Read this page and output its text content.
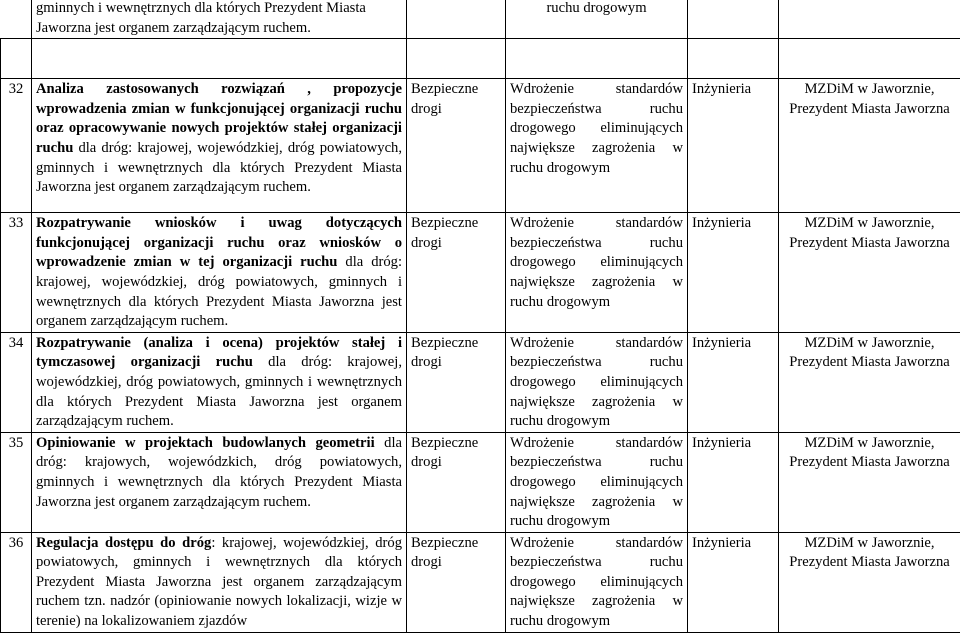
	gminnych i wewnętrznych dla których Prezydent Miasta Jaworzna jest organem zarządzającym ruchem.		ruchu drogowym		

32	Analiza zastosowanych rozwiązań , propozycje wprowadzenia zmian w funkcjonującej organizacji ruchu oraz opracowywanie nowych projektów stałej organizacji ruchu dla dróg: krajowej, wojewódzkiej, dróg powiatowych, gminnych i wewnętrznych dla których Prezydent Miasta Jaworzna jest organem zarządzającym ruchem.	Bezpieczne drogi	Wdrożenie standardów bezpieczeństwa ruchu drogowego eliminujących największe zagrożenia w ruchu drogowym	Inżynieria	MZDiM w Jaworznie, Prezydent Miasta Jaworzna
33	Rozpatrywanie wniosków i uwag dotyczących funkcjonującej organizacji ruchu oraz wniosków o wprowadzenie zmian w tej organizacji ruchu dla dróg: krajowej, wojewódzkiej, dróg powiatowych, gminnych i wewnętrznych dla których Prezydent Miasta Jaworzna jest organem zarządzającym ruchem.	Bezpieczne drogi	Wdrożenie standardów bezpieczeństwa ruchu drogowego eliminujących największe zagrożenia w ruchu drogowym	Inżynieria	MZDiM w Jaworznie, Prezydent Miasta Jaworzna
34	Rozpatrywanie (analiza i ocena) projektów stałej i tymczasowej organizacji ruchu dla dróg: krajowej, wojewódzkiej, dróg powiatowych, gminnych i wewnętrznych dla których Prezydent Miasta Jaworzna jest organem zarządzającym ruchem.	Bezpieczne drogi	Wdrożenie standardów bezpieczeństwa ruchu drogowego eliminujących największe zagrożenia w ruchu drogowym	Inżynieria	MZDiM w Jaworznie, Prezydent Miasta Jaworzna
35	Opiniowanie w projektach budowlanych geometrii dla dróg: krajowych, wojewódzkich, dróg powiatowych, gminnych i wewnętrznych dla których Prezydent Miasta Jaworzna jest organem zarządzającym ruchem.	Bezpieczne drogi	Wdrożenie standardów bezpieczeństwa ruchu drogowego eliminujących największe zagrożenia w ruchu drogowym	Inżynieria	MZDiM w Jaworznie, Prezydent Miasta Jaworzna
36	Regulacja dostępu do dróg: krajowej, wojewódzkiej, dróg powiatowych, gminnych i wewnętrznych dla których Prezydent Miasta Jaworzna jest organem zarządzającym ruchem tzn. nadzór (opiniowanie nowych lokalizacji, wizje w terenie) na lokalizowaniem zjazdów	Bezpieczne drogi	Wdrożenie standardów bezpieczeństwa ruchu drogowego eliminujących największe zagrożenia w ruchu drogowym	Inżynieria	MZDiM w Jaworznie, Prezydent Miasta Jaworzna
